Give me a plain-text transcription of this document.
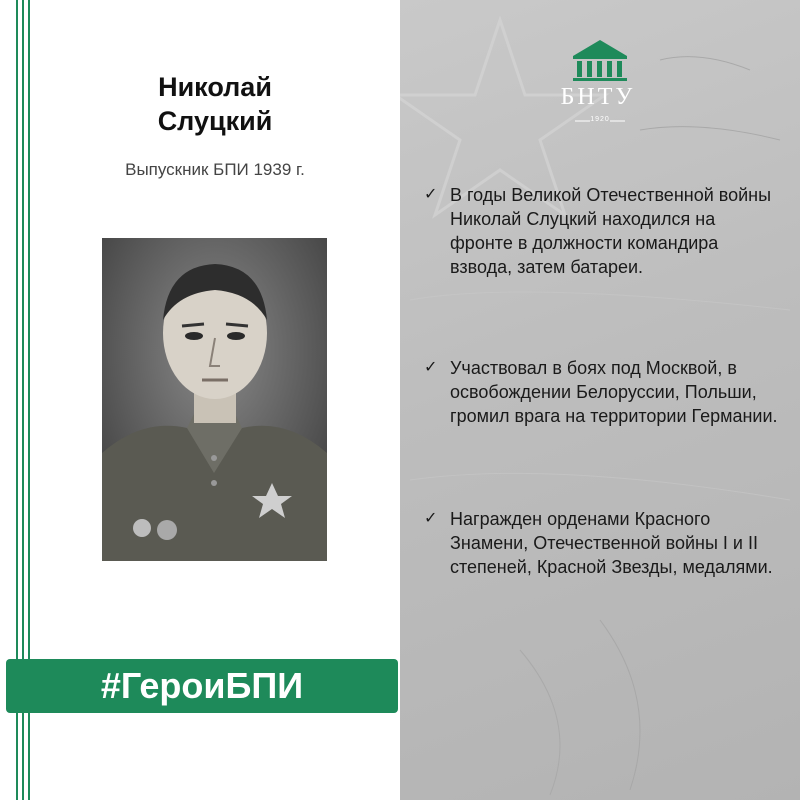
Николай
Слуцкий
Выпускник БПИ 1939 г.
#ГероиБПИ
БНТУ
1920
✓ В годы Великой Отечественной войны Николай Слуцкий находился на фронте в должности командира взвода, затем батареи.
✓ Участвовал в боях под Москвой, в освобождении Белоруссии, Польши, громил врага на территории Германии.
✓ Награжден орденами Красного Знамени, Отечественной войны I и II степеней, Красной Звезды, медалями.
